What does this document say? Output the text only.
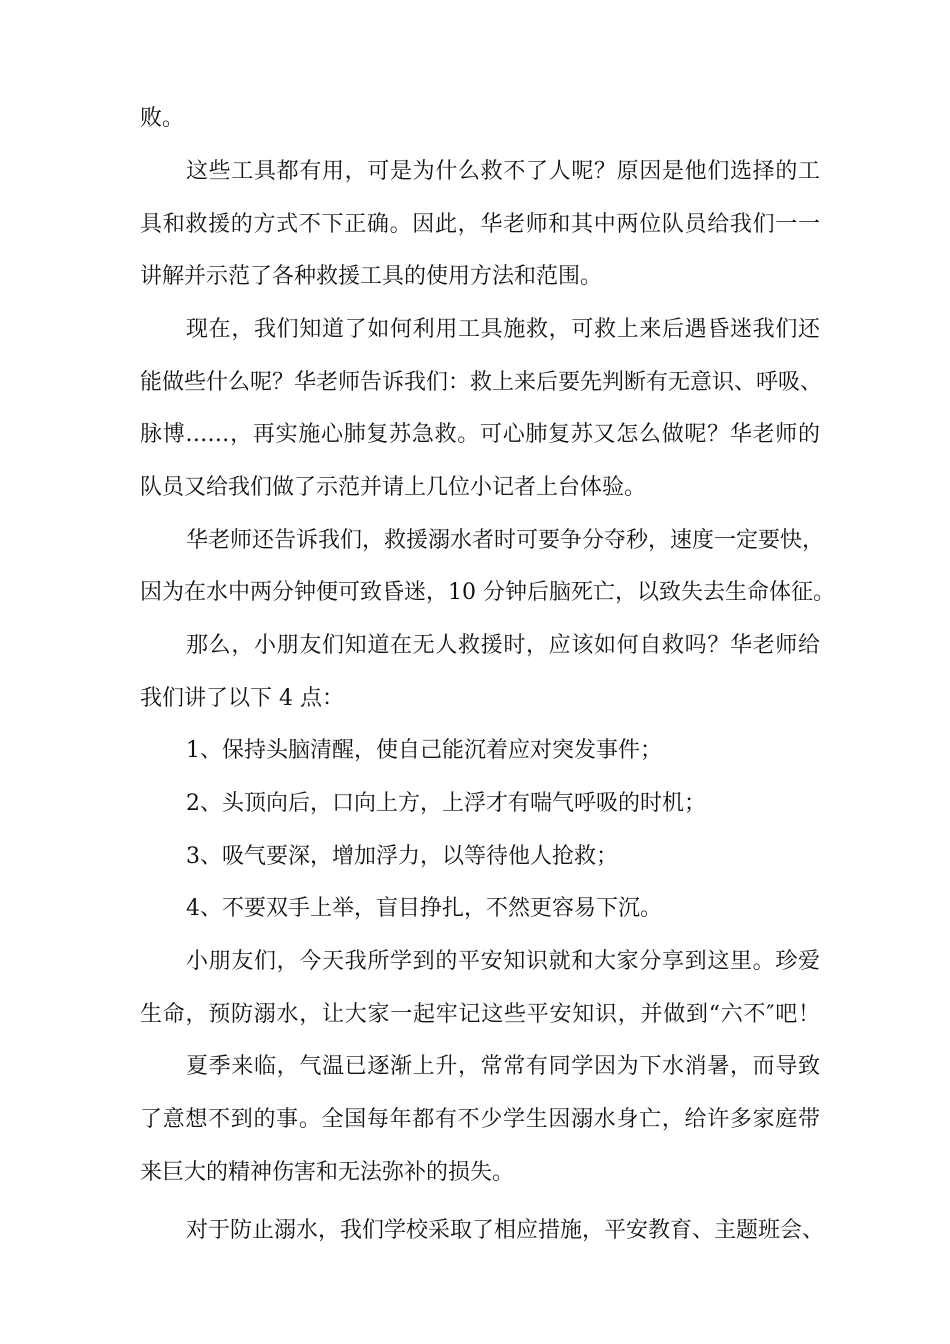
败。
这些工具都有用，可是为什么救不了人呢？原因是他们选择的工
具和救援的方式不下正确。因此，华老师和其中两位队员给我们一一
讲解并示范了各种救援工具的使用方法和范围。
现在，我们知道了如何利用工具施救，可救上来后遇昏迷我们还
能做些什么呢？华老师告诉我们：救上来后要先判断有无意识、呼吸、
脉博……，再实施心肺复苏急救。可心肺复苏又怎么做呢？华老师的
队员又给我们做了示范并请上几位小记者上台体验。
华老师还告诉我们，救援溺水者时可要争分夺秒，速度一定要快，
因为在水中两分钟便可致昏迷，10 分钟后脑死亡，以致失去生命体征。
那么，小朋友们知道在无人救援时，应该如何自救吗？华老师给
我们讲了以下 4 点：
1、保持头脑清醒，使自己能沉着应对突发事件；
2、头顶向后，口向上方，上浮才有喘气呼吸的时机；
3、吸气要深，增加浮力，以等待他人抢救；
4、不要双手上举，盲目挣扎，不然更容易下沉。
小朋友们，今天我所学到的平安知识就和大家分享到这里。珍爱
生命，预防溺水，让大家一起牢记这些平安知识，并做到“六不″吧！
夏季来临，气温已逐渐上升，常常有同学因为下水消暑，而导致
了意想不到的事。全国每年都有不少学生因溺水身亡，给许多家庭带
来巨大的精神伤害和无法弥补的损失。
对于防止溺水，我们学校采取了相应措施，平安教育、主题班会、
